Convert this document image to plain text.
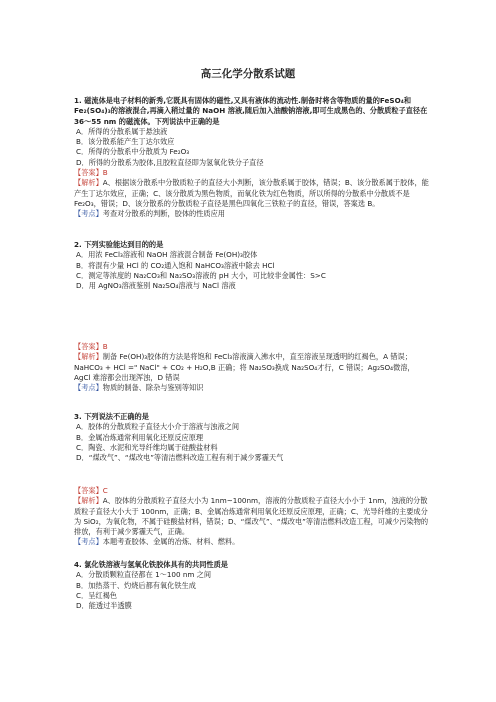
高三化学分散系试题

1. 磁流体是电子材料的新秀,它既具有固体的磁性,又具有液体的流动性.制备时将含等物质的量的FeSO₄和 Fe₂(SO₄)₃的溶液混合,再滴入稍过量的 NaOH 溶液,随后加入油酸钠溶液,即可生成黑色的、分散质粒子直径在 36～55 nm 的磁流体。下列说法中正确的是

A．所得的分散系属于悬浊液

B．该分散系能产生丁达尔效应

C．所得的分散系中分散质为 Fe₂O₃

D．所得的分散系为胶体,且胶粒直径即为氢氧化铁分子直径

【答案】B

【解析】A、根据该分散系中分散质粒子的直径大小判断，该分散系属于胶体，错误；B、该分散系属于胶体，能产生丁达尔效应，正确；C、该分散质为黑色物质，而氧化铁为红色物质，所以所得的分散系中分散质不是 Fe₂O₃，错误；D、该分散系的分散质粒子直径是黑色四氧化三铁粒子的直径，错误，答案选 B。

【考点】考查对分散系的判断，胶体的性质应用

2. 下列实验能达到目的的是

A．用浓 FeCl₃溶液和 NaOH 溶液混合制备 Fe(OH)₃胶体

B．将混有少量 HCl 的 CO₂通入饱和 NaHCO₃溶液中除去 HCl

C．测定等浓度的 Na₂CO₃和 Na₂SO₃溶液的 pH 大小，可比较非金属性：S>C

D．用 AgNO₃溶液鉴别 Na₂SO₄溶液与 NaCl 溶液

【答案】B

【解析】制备 Fe(OH)₃胶体的方法是将饱和 FeCl₃溶液滴入沸水中，直至溶液呈现透明的红褐色，A 错误；NaHCO₃ + HCl =" NaCl" + CO₂ + H₂O,B 正确；将 Na₂SO₃换成 Na₂SO₄才行，C 错误；Ag₂SO₄微溶，AgCl 难溶都会出现浑浊，D 错误

【考点】物质的制备、除杂与鉴别等知识

3. 下列说法不正确的是

A．胶体的分散质粒子直径大小介于溶液与浊液之间

B．金属冶炼通常利用氧化还原反应原理

C．陶瓷、水泥和光导纤维均属于硅酸盐材料

D．“煤改气”、“煤改电”等清洁燃料改造工程有利于减少雾霾天气

【答案】C

【解析】A、胶体的分散质粒子直径大小为 1nm~100nm，溶液的分散质粒子直径大小小于 1nm，浊液的分散质粒子直径大小大于 100nm，正确；B、金属冶炼通常利用氧化还原反应原理，正确；C、光导纤维的主要成分为 SiO₂，为氧化物，不属于硅酸盐材料，错误；D、“煤改气”、“煤改电”等清洁燃料改造工程，可减少污染物的排放，有利于减少雾霾天气，正确。

【考点】本题考查胶体、金属的冶炼、材料、燃料。

4. 氯化铁溶液与氢氧化铁胶体具有的共同性质是

A．分散质颗粒直径都在 1～100 nm 之间

B．加热蒸干、灼烧后都有氧化铁生成

C．呈红褐色

D．能透过半透膜
